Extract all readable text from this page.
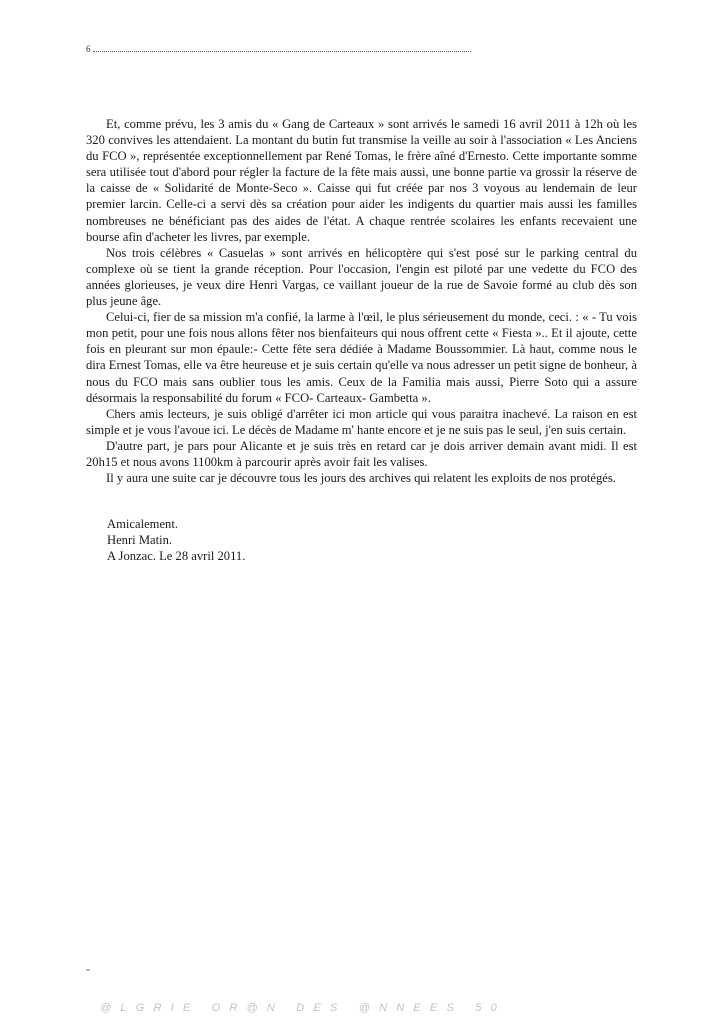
6

Et, comme prévu, les 3 amis du « Gang de Carteaux » sont arrivés le samedi 16 avril 2011 à 12h où les 320 convives les attendaient. La montant du butin fut transmise la veille au soir à l'association « Les Anciens du FCO », représentée exceptionnellement par René Tomas, le frère aîné d'Ernesto. Cette importante somme sera utilisée tout d'abord pour régler la facture de la fête mais aussi, une bonne partie va grossir la réserve de la caisse de « Solidarité de Monte-Seco ». Caisse qui fut créée par nos 3 voyous au lendemain de leur premier larcin. Celle-ci a servi dès sa création pour aider les indigents du quartier mais aussi les familles nombreuses ne bénéficiant pas des aides de l'état. A chaque rentrée scolaires les enfants recevaient une bourse afin d'acheter les livres, par exemple.

Nos trois célèbres « Casuelas » sont arrivés en hélicoptère qui s'est posé sur le parking central du complexe où se tient la grande réception. Pour l'occasion, l'engin est piloté par une vedette du FCO des années glorieuses, je veux dire Henri Vargas, ce vaillant joueur de la rue de Savoie formé au club dès son plus jeune âge.

Celui-ci, fier de sa mission m'a confié, la larme à l'œil, le plus sérieusement du monde, ceci. : « - Tu vois mon petit, pour une fois nous allons fêter nos bienfaiteurs qui nous offrent cette « Fiesta ».. Et il ajoute, cette fois en pleurant sur mon épaule:- Cette fête sera dédiée à Madame Boussommier. Là haut, comme nous le dira Ernest Tomas, elle va être heureuse et je suis certain qu'elle va nous adresser un petit signe de bonheur, à nous du FCO mais sans oublier tous les amis. Ceux de la Familia mais aussi, Pierre Soto qui a assure désormais la responsabilité du forum « FCO- Carteaux- Gambetta ».

Chers amis lecteurs, je suis obligé d'arrêter ici mon article qui vous paraitra inachevé. La raison en est simple et je vous l'avoue ici. Le décès de Madame m' hante encore et je ne suis pas le seul, j'en suis certain.

D'autre part, je pars pour Alicante et je suis très en retard car je dois arriver demain avant midi. Il est 20h15 et nous avons 1100km à parcourir après avoir fait les valises.

Il y aura une suite car je découvre tous les jours des archives qui relatent les exploits de nos protégés.

Amicalement.
Henri Matin.
A Jonzac. Le 28 avril 2011.
-
@LGRIE OR@N DES @NNEES 50
